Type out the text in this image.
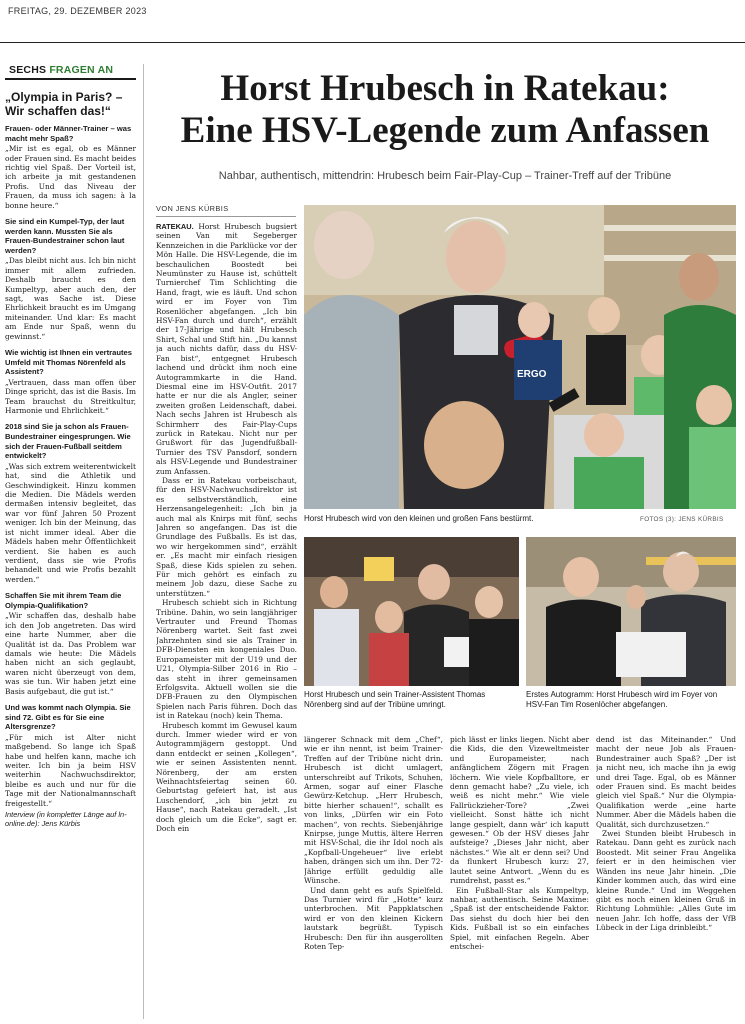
FREITAG, 29. DEZEMBER 2023
SECHS FRAGEN AN
„Olympia in Paris? – Wir schaffen das!“
Frauen- oder Männer-Trainer – was macht mehr Spaß?

„Mir ist es egal, ob es Männer oder Frauen sind. Es macht beides richtig viel Spaß. Der Vorteil ist, ich arbeite ja mit gestandenen Profis. Und das Niveau der Frauen, da muss ich sagen: à la bonne heure.“

Sie sind ein Kumpel-Typ, der laut werden kann. Mussten Sie als Frauen-Bundestrainer schon laut werden?

„Das bleibt nicht aus. Ich bin nicht immer mit allem zufrieden. Deshalb braucht es den Kumpeltyp, aber auch den, der sagt, was Sache ist. Diese Ehrlichkeit braucht es im Umgang miteinander. Und klar: Es macht am Ende nur Spaß, wenn du gewinnst.“

Wie wichtig ist Ihnen ein vertrautes Umfeld mit Thomas Nörenfeld als Assistent?

„Vertrauen, dass man offen über Dinge spricht, das ist die Basis. Im Team brauchst du Streitkultur, Harmonie und Ehrlichkeit.“

2018 sind Sie ja schon als Frauen-Bundestrainer eingesprungen. Wie sich der Frauen-Fußball seitdem entwickelt?

„Was sich extrem weiterentwickelt hat, sind die Athletik und Geschwindigkeit. Hinzu kommen die Medien. Die Mädels werden dermaßen intensiv begleitet, das war vor fünf Jahren 50 Prozent weniger. Ich bin der Meinung, das ist nicht immer ideal. Aber die Mädels haben mehr Öffentlichkeit verdient. Sie haben es auch verdient, dass sie wie Profis behandelt und wie Profis bezahlt werden.“

Schaffen Sie mit ihrem Team die Olympia-Qualifikation?

„Wir schaffen das, deshalb habe ich den Job angetreten. Das wird eine harte Nummer, aber die Qualität ist da. Das Problem war damals wie heute: Die Mädels haben nicht an sich geglaubt, waren nicht überzeugt von dem, was sie tun. Wir haben jetzt eine Basis aufgebaut, die gut ist.“

Und was kommt nach Olympia. Sie sind 72. Gibt es für Sie eine Altersgrenze?

„Für mich ist Alter nicht maßgebend. So lange ich Spaß habe und helfen kann, mache ich weiter. Ich bin ja beim HSV weiterhin Nachwuchsdirektor, bleibe es auch und nur für die Tage mit der Nationalmannschaft freigestellt.“

Interview (in kompletter Länge auf ln-online.de): Jens Kürbis
Horst Hrubesch in Ratekau:
Eine HSV-Legende zum Anfassen
Nahbar, authentisch, mittendrin: Hrubesch beim Fair-Play-Cup – Trainer-Treff auf der Tribüne
VON JENS KÜRBIS

RATEKAU. Horst Hrubesch bugsiert seinen Van mit Segeberger Kennzeichen in die Parklücke vor der Mön Halle. Die HSV-Legende, die im beschaulichen Boostedt bei Neumünster zu Hause ist, schüttelt Turnierchef Tim Schlichting die Hand, fragt, wie es läuft. Und schon wird er im Foyer von Tim Rosenlöcher abgefangen. „Ich bin HSV-Fan durch und durch“, erzählt der 17-Jährige und hält Hrubesch Shirt, Schal und Stift hin. „Du kannst ja auch nichts dafür, dass du HSV-Fan bist“, entgegnet Hrubesch lachend und drückt ihm noch eine Autogrammkarte in die Hand. Diesmal eine im HSV-Outfit. 2017 hatte er nur die als Angler, seiner zweiten großen Leidenschaft, dabei. Nach sechs Jahren ist Hrubesch als Schirmherr des Fair-Play-Cups zurück in Ratekau. Nicht nur per Grußwort für das Jugendfußball-Turnier des TSV Pansdorf, sondern als HSV-Legende und Bundestrainer zum Anfassen.

Dass er in Ratekau vorbeischaut, für den HSV-Nachwuchsdirektor ist es selbstverständlich, eine Herzensangelegenheit: „Ich bin ja auch mal als Knirps mit fünf, sechs Jahren so angefangen. Das ist die Grundlage des Fußballs. Es ist das, wo wir hergekommen sind“, erzählt er. „Es macht mir einfach riesigen Spaß, diese Kids spielen zu sehen. Für mich gehört es einfach zu meinem Job dazu, diese Sache zu unterstützen.“

Hrubesch schiebt sich in Richtung Tribüne. Dahin, wo sein langjähriger Vertrauter und Freund Thomas Nörenberg wartet. Seit fast zwei Jahrzehnten sind sie als Trainer in DFB-Diensten ein kongeniales Duo. Europameister mit der U19 und der U21, Olympia-Silber 2016 in Rio – das steht in ihrer gemeinsamen Erfolgsvita. Aktuell wollen sie die DFB-Frauen zu den Olympischen Spielen nach Paris führen. Doch das ist in Ratekau (noch) kein Thema.

Hrubesch kommt im Gewusel kaum durch. Immer wieder wird er von Autogrammjägern gestoppt. Und dann entdeckt er seinen „Kollegen“, wie er seinen Assistenten nennt. Nörenberg, der am ersten Weihnachtsfeiertag seinen 60. Geburtstag gefeiert hat, ist aus Luschendorf, „ich bin jetzt zu Hause“, nach Ratekau geradelt. „Ist doch gleich um die Ecke“, sagt er. Doch ein

ERGO
Horst Hrubesch wird von den kleinen und großen Fans bestürmt.	FOTOS (3): JENS KÜRBIS
Horst Hrubesch und sein Trainer-Assistent Thomas Nörenberg sind auf der Tribüne umringt.
Erstes Autogramm: Horst Hrubesch wird im Foyer von HSV-Fan Tim Rosenlöcher abgefangen.

längerer Schnack mit dem „Chef“, wie er ihn nennt, ist beim Trainer-Treffen auf der Tribüne nicht drin. Hrubesch ist dicht umlagert, unterschreibt auf Trikots, Schuhen, Armen, sogar auf einer Flasche Gewürz-Ketchup. „Herr Hrubesch, bitte hierher schauen!“, schallt es von links, „Dürfen wir ein Foto machen“, von rechts. Siebenjährige Knirpse, junge Muttis, ältere Herren mit HSV-Schal, die ihr Idol noch als „Kopfball-Ungeheuer“ live erlebt haben, drängen sich um ihn. Der 72-Jährige erfüllt geduldig alle Wünsche.

Und dann geht es aufs Spielfeld. Das Turnier wird für „Hotte“ kurz unterbrochen. Mit Pappklatschen wird er von den kleinen Kickern lautstark begrüßt. Typisch Hrubesch: Den für ihn ausgerollten Roten Tep-

pich lässt er links liegen. Nicht aber die Kids, die den Vizeweltmeister und Europameister, nach anfänglichem Zögern mit Fragen löchern. Wie viele Kopfballtore, er denn gemacht habe? „Zu viele, ich weiß es nicht mehr.“ Wie viele Fallrückzieher-Tore? „Zwei vielleicht. Sonst hätte ich nicht lange gespielt, dann wär‘ ich kaputt gewesen.“ Ob der HSV dieses Jahr aufsteige? „Dieses Jahr nicht, aber nächstes.“ Wie alt er denn sei? Und da flunkert Hrubesch kurz: 27, lautet seine Antwort. „Wenn du es rumdrehst, passt es.“

Ein Fußball-Star als Kumpeltyp, nahbar, authentisch. Seine Maxime: „Spaß ist der entscheidende Faktor. Das siehst du doch hier bei den Kids. Fußball ist so ein einfaches Spiel, mit einfachen Regeln. Aber entschei-

dend ist das Miteinander.“ Und macht der neue Job als Frauen-Bundestrainer auch Spaß? „Der ist ja nicht neu, ich mache ihn ja ewig und drei Tage. Egal, ob es Männer oder Frauen sind. Es macht beides gleich viel Spaß.“ Nur die Olympia-Qualifikation werde „eine harte Nummer. Aber die Mädels haben die Qualität, sich durchzusetzen.“

Zwei Stunden bleibt Hrubesch in Ratekau. Dann geht es zurück nach Boostedt. Mit seiner Frau Angelika feiert er in den heimischen vier Wänden ins neue Jahr hinein. „Die Kinder kommen auch, das wird eine kleine Runde.“ Und im Weggehen gibt es noch einen kleinen Gruß in Richtung Lohmühle: „Alles Gute im neuen Jahr. Ich hoffe, dass der VfB Lübeck in der Liga drinbleibt.“
